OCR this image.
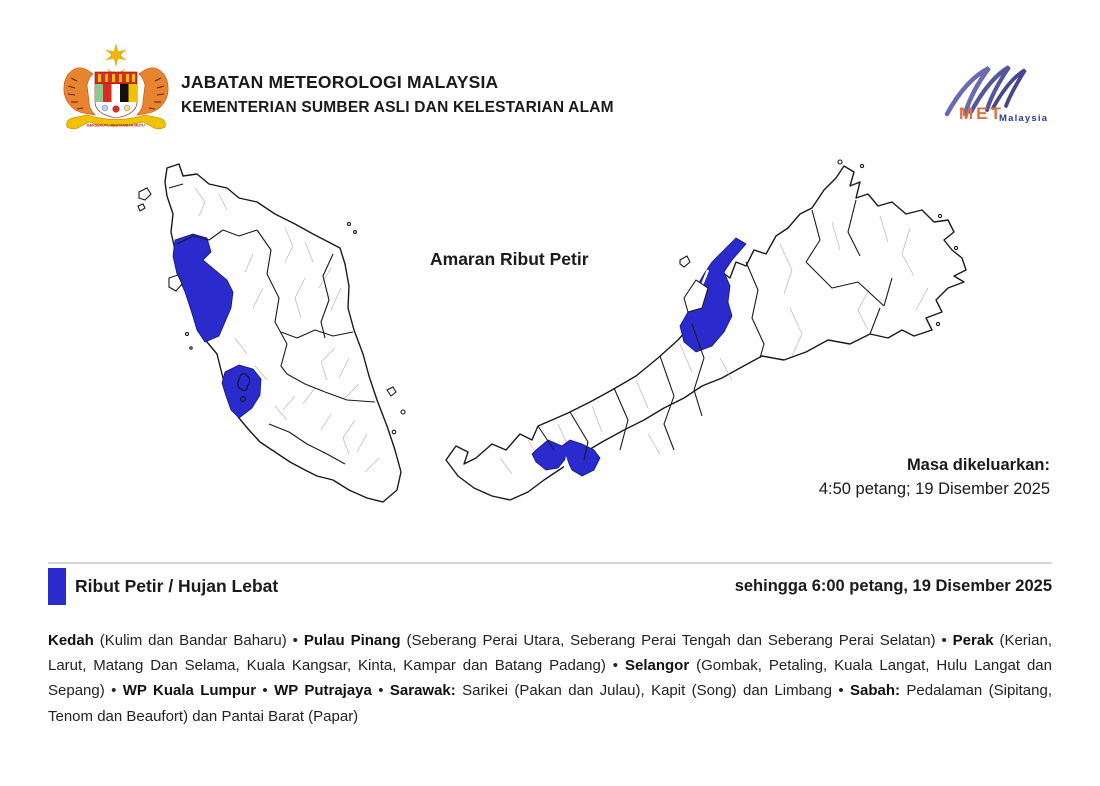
BERSEKUTU BERTAMBAH MUTU
JABATAN METEOROLOGI MALAYSIA
KEMENTERIAN SUMBER ASLI DAN KELESTARIAN ALAM	MET
Malaysia
Amaran Ribut Petir
Masa dikeluarkan:
4:50 petang; 19 Disember 2025
Ribut Petir / Hujan Lebat	sehingga 6:00 petang, 19 Disember 2025

Kedah (Kulim dan Bandar Baharu) • Pulau Pinang (Seberang Perai Utara, Seberang Perai Tengah dan Seberang Perai Selatan) • Perak (Kerian, Larut, Matang Dan Selama, Kuala Kangsar, Kinta, Kampar dan Batang Padang) • Selangor (Gombak, Petaling, Kuala Langat, Hulu Langat dan Sepang) • WP Kuala Lumpur • WP Putrajaya • Sarawak: Sarikei (Pakan dan Julau), Kapit (Song) dan Limbang • Sabah: Pedalaman (Sipitang, Tenom dan Beaufort) dan Pantai Barat (Papar)
